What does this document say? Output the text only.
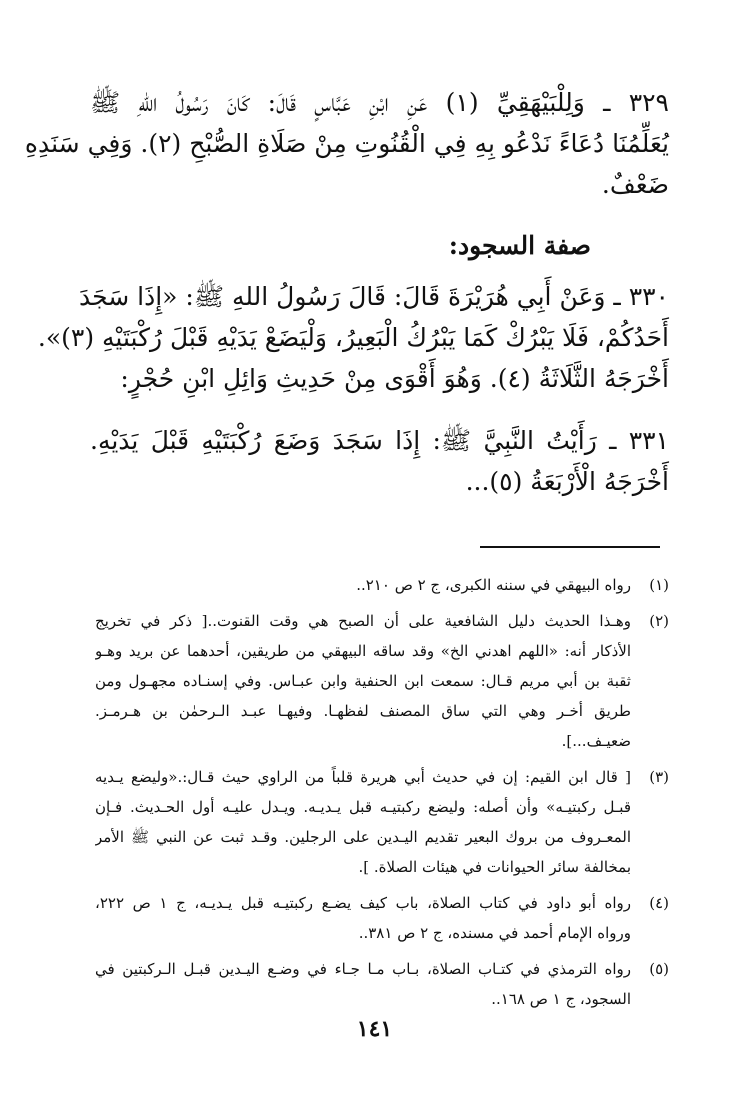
٣٢٩ ـ وَلِلْبَيْهَقِيِّ (١) عَنِ ابْنِ عَبَّاسٍ قَالَ: كَانَ رَسُولُ اللهِ ﷺ
يُعَلِّمُنَا دُعَاءً نَدْعُو بِهِ فِي الْقُنُوتِ مِنْ صَلَاةِ الصُّبْحِ (٢). وَفِي سَنَدِهِ
ضَعْفٌ.
صفة السجود:
٣٣٠ ـ وَعَنْ أَبِي هُرَيْرَةَ قَالَ: قَالَ رَسُولُ اللهِ ﷺ: «إِذَا سَجَدَ
أَحَدُكُمْ، فَلَا يَبْرُكْ كَمَا يَبْرُكُ الْبَعِيرُ، وَلْيَضَعْ يَدَيْهِ قَبْلَ رُكْبَتَيْهِ (٣)».
أَخْرَجَهُ الثَّلَاثَةُ (٤). وَهُوَ أَقْوَى مِنْ حَدِيثِ وَائِلِ ابْنِ حُجْرٍ:
٣٣١ ـ رَأَيْتُ النَّبِيَّ ﷺ: إِذَا سَجَدَ وَضَعَ رُكْبَتَيْهِ قَبْلَ يَدَيْهِ.
أَخْرَجَهُ الْأَرْبَعَةُ (٥)...
(١)
رواه البيهقي في سننه الكبرى، ج ٢ ص ٢١٠..
(٢)
وهـذا الحديث دليل الشافعية على أن الصبح هي وقت القنوت..[ ذكر في تخريج
الأذكار أنه: «اللهم اهدني الخ» وقد ساقه البيهقي من طريقين، أحدهما عن بريد وهـو
ثقبة بن أبي مريم قـال: سمعت ابن الحنفية وابن عبـاس. وفي إسنـاده مجهـول ومن
طريق أخـر وهي التي ساق المصنف لفظهـا. وفيهـا عبـد الـرحمٰن بن هـرمـز.
ضعيـف...].
(٣)
[ قال ابن القيم: إن في حديث أبي هريرة قلباً من الراوي حيث قـال:.«وليضع يـديه
قبـل ركبتيـه» وأن أصله: وليضع ركبتيـه قبل يـديـه. ويـدل عليـه أول الحـديث. فـإن
المعـروف من بروك البعير تقديم اليـدين على الرجلين. وقـد ثبت عن النبي ﷺ الأمر
بمخالفة سائر الحيوانات في هيئات الصلاة. ].
(٤)
رواه أبو داود في كتاب الصلاة، باب كيف يضـع ركبتيـه قبل يـديـه، ج ١ ص ٢٢٢،
ورواه الإمام أحمد في مسنده، ج ٢ ص ٣٨١..
(٥)
رواه الترمذي في كتـاب الصلاة، بـاب مـا جـاء في وضـع اليـدين قبـل الـركبتين في
السجود، ج ١ ص ١٦٨..
١٤١
